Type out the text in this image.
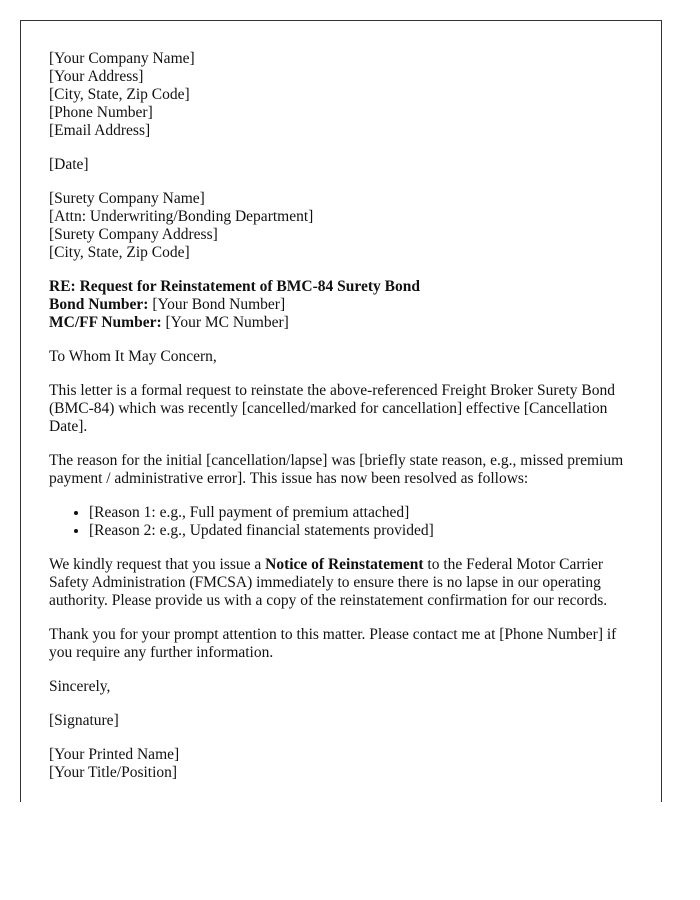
[Your Company Name]
[Your Address]
[City, State, Zip Code]
[Phone Number]
[Email Address]

[Date]

[Surety Company Name]
[Attn: Underwriting/Bonding Department]
[Surety Company Address]
[City, State, Zip Code]

RE: Request for Reinstatement of BMC-84 Surety Bond
Bond Number: [Your Bond Number]
MC/FF Number: [Your MC Number]

To Whom It May Concern,

This letter is a formal request to reinstate the above-referenced Freight Broker Surety Bond (BMC-84) which was recently [cancelled/marked for cancellation] effective [Cancellation Date].

The reason for the initial [cancellation/lapse] was [briefly state reason, e.g., missed premium payment / administrative error]. This issue has now been resolved as follows:

• [Reason 1: e.g., Full payment of premium attached]
• [Reason 2: e.g., Updated financial statements provided]

We kindly request that you issue a Notice of Reinstatement to the Federal Motor Carrier Safety Administration (FMCSA) immediately to ensure there is no lapse in our operating authority. Please provide us with a copy of the reinstatement confirmation for our records.

Thank you for your prompt attention to this matter. Please contact me at [Phone Number] if you require any further information.

Sincerely,

[Signature]

[Your Printed Name]
[Your Title/Position]
